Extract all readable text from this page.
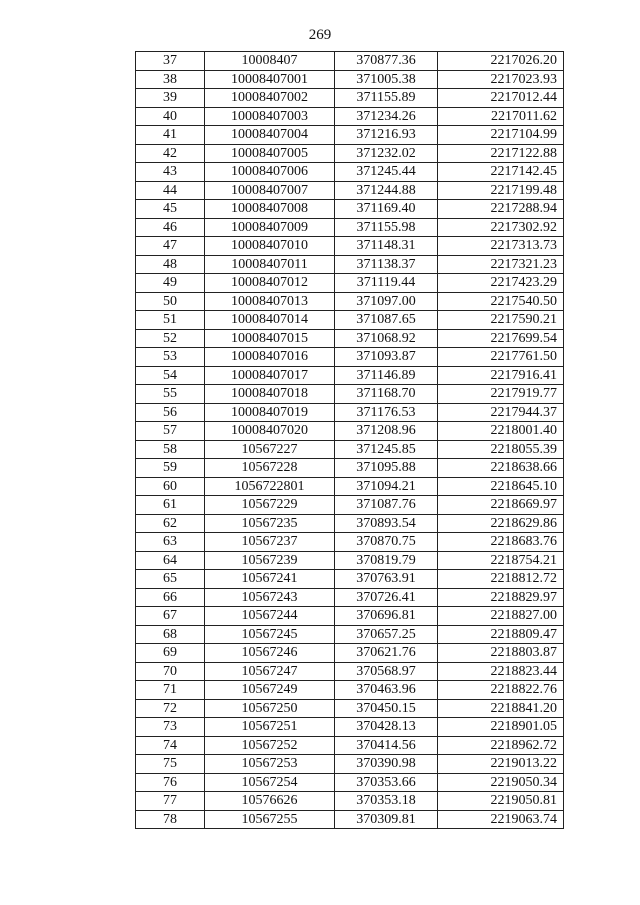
269
37	10008407	370877.36	2217026.20
38	10008407001	371005.38	2217023.93
39	10008407002	371155.89	2217012.44
40	10008407003	371234.26	2217011.62
41	10008407004	371216.93	2217104.99
42	10008407005	371232.02	2217122.88
43	10008407006	371245.44	2217142.45
44	10008407007	371244.88	2217199.48
45	10008407008	371169.40	2217288.94
46	10008407009	371155.98	2217302.92
47	10008407010	371148.31	2217313.73
48	10008407011	371138.37	2217321.23
49	10008407012	371119.44	2217423.29
50	10008407013	371097.00	2217540.50
51	10008407014	371087.65	2217590.21
52	10008407015	371068.92	2217699.54
53	10008407016	371093.87	2217761.50
54	10008407017	371146.89	2217916.41
55	10008407018	371168.70	2217919.77
56	10008407019	371176.53	2217944.37
57	10008407020	371208.96	2218001.40
58	10567227	371245.85	2218055.39
59	10567228	371095.88	2218638.66
60	1056722801	371094.21	2218645.10
61	10567229	371087.76	2218669.97
62	10567235	370893.54	2218629.86
63	10567237	370870.75	2218683.76
64	10567239	370819.79	2218754.21
65	10567241	370763.91	2218812.72
66	10567243	370726.41	2218829.97
67	10567244	370696.81	2218827.00
68	10567245	370657.25	2218809.47
69	10567246	370621.76	2218803.87
70	10567247	370568.97	2218823.44
71	10567249	370463.96	2218822.76
72	10567250	370450.15	2218841.20
73	10567251	370428.13	2218901.05
74	10567252	370414.56	2218962.72
75	10567253	370390.98	2219013.22
76	10567254	370353.66	2219050.34
77	10576626	370353.18	2219050.81
78	10567255	370309.81	2219063.74
